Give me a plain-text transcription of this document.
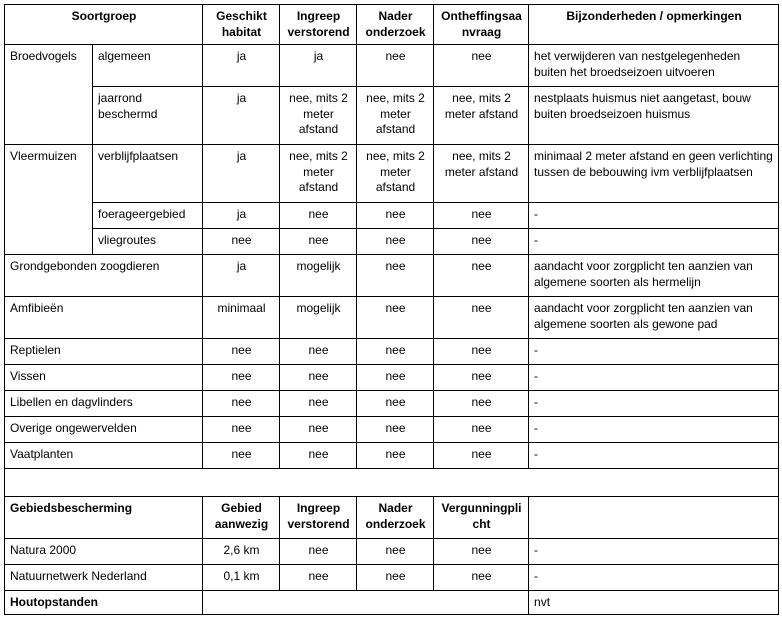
Soortgroep		Geschikt habitat	Ingreep verstorend	Nader onderzoek	Ontheffingsaa nvraag	Bijzonderheden / opmerkingen
Broedvogels	algemeen	ja	ja	nee	nee	het verwijderen van nestgelegenheden buiten het broedseizoen uitvoeren
	jaarrond beschermd	ja	nee, mits 2 meter afstand	nee, mits 2 meter afstand	nee, mits 2 meter afstand	nestplaats huismus niet aangetast, bouw buiten broedseizoen huismus
Vleermuizen	verblijfplaatsen	ja	nee, mits 2 meter afstand	nee, mits 2 meter afstand	nee, mits 2 meter afstand	minimaal 2 meter afstand en geen verlichting tussen de bebouwing ivm verblijfplaatsen
	foerageergebied	ja	nee	nee	nee	-
	vliegroutes	nee	nee	nee	nee	-
Grondgebonden zoogdieren		ja	mogelijk	nee	nee	aandacht voor zorgplicht ten aanzien van algemene soorten als hermelijn
Amfibieën		minimaal	mogelijk	nee	nee	aandacht voor zorgplicht ten aanzien van algemene soorten als gewone pad
Reptielen		nee	nee	nee	nee	-
Vissen		nee	nee	nee	nee	-
Libellen en dagvlinders		nee	nee	nee	nee	-
Overige ongewervelden		nee	nee	nee	nee	-
Vaatplanten		nee	nee	nee	nee	-

Gebiedsbescherming		Gebied aanwezig	Ingreep verstorend	Nader onderzoek	Vergunningpli cht	
Natura 2000		2,6 km	nee	nee	nee	-
Natuurnetwerk Nederland		0,1 km	nee	nee	nee	-
Houtopstanden						nvt
